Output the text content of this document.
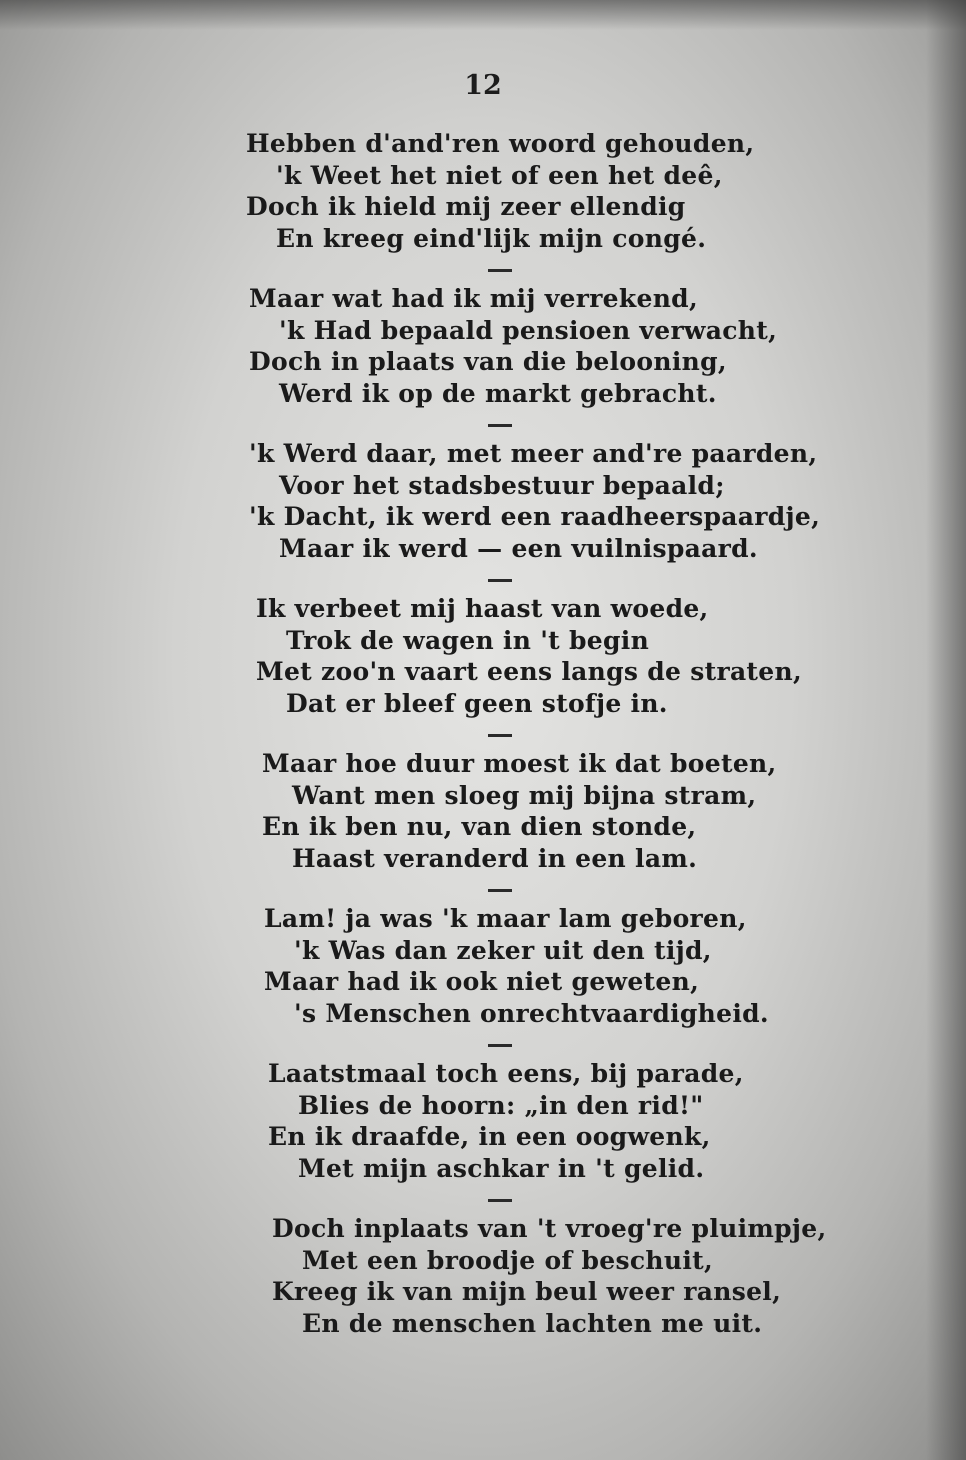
12
Hebben d'and'ren woord gehouden,
'k Weet het niet of een het deê,
Doch ik hield mij zeer ellendig
En kreeg eind'lijk mijn congé.
Maar wat had ik mij verrekend,
'k Had bepaald pensioen verwacht,
Doch in plaats van die belooning,
Werd ik op de markt gebracht.
'k Werd daar, met meer and're paarden,
Voor het stadsbestuur bepaald;
'k Dacht, ik werd een raadheerspaardje,
Maar ik werd — een vuilnispaard.
Ik verbeet mij haast van woede,
Trok de wagen in 't begin
Met zoo'n vaart eens langs de straten,
Dat er bleef geen stofje in.
Maar hoe duur moest ik dat boeten,
Want men sloeg mij bijna stram,
En ik ben nu, van dien stonde,
Haast veranderd in een lam.
Lam! ja was 'k maar lam geboren,
'k Was dan zeker uit den tijd,
Maar had ik ook niet geweten,
's Menschen onrechtvaardigheid.
Laatstmaal toch eens, bij parade,
Blies de hoorn: „in den rid!"
En ik draafde, in een oogwenk,
Met mijn aschkar in 't gelid.
Doch inplaats van 't vroeg're pluimpje,
Met een broodje of beschuit,
Kreeg ik van mijn beul weer ransel,
En de menschen lachten me uit.
